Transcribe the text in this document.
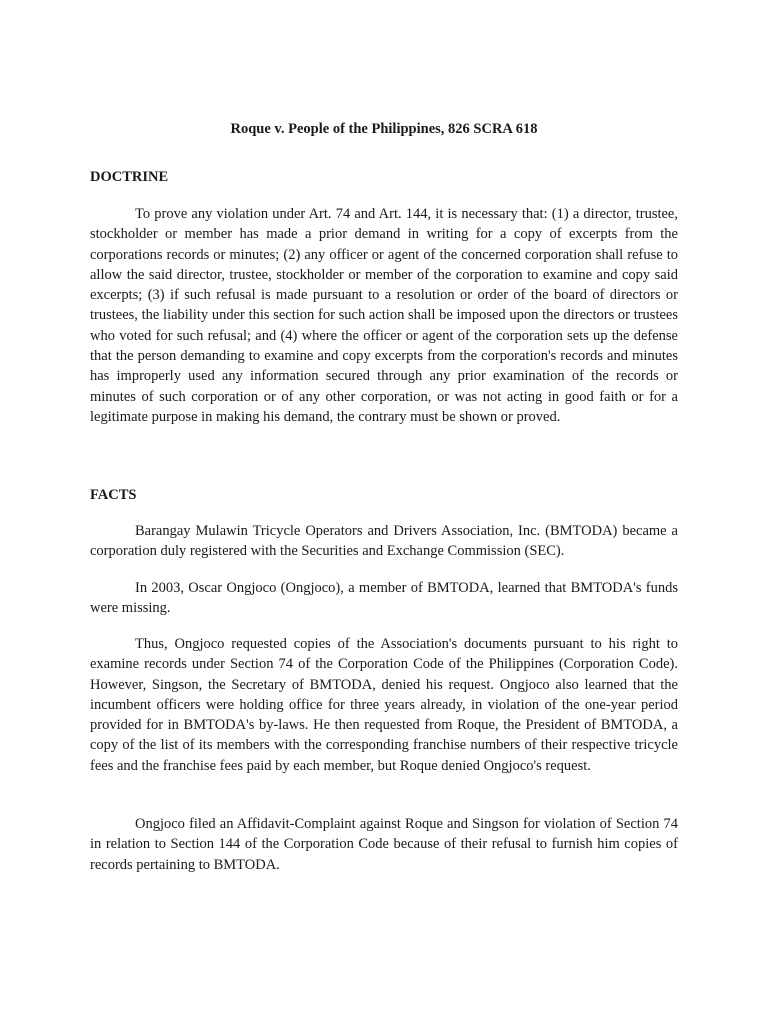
Roque v. People of the Philippines, 826 SCRA 618
DOCTRINE

To prove any violation under Art. 74 and Art. 144, it is necessary that: (1) a director, trustee, stockholder or member has made a prior demand in writing for a copy of excerpts from the corporations records or minutes; (2) any officer or agent of the concerned corporation shall refuse to allow the said director, trustee, stockholder or member of the corporation to examine and copy said excerpts; (3) if such refusal is made pursuant to a resolution or order of the board of directors or trustees, the liability under this section for such action shall be imposed upon the directors or trustees who voted for such refusal; and (4) where the officer or agent of the corporation sets up the defense that the person demanding to examine and copy excerpts from the corporation's records and minutes has improperly used any information secured through any prior examination of the records or minutes of such corporation or of any other corporation, or was not acting in good faith or for a legitimate purpose in making his demand, the contrary must be shown or proved.

FACTS

Barangay Mulawin Tricycle Operators and Drivers Association, Inc. (BMTODA) became a corporation duly registered with the Securities and Exchange Commission (SEC).

In 2003, Oscar Ongjoco (Ongjoco), a member of BMTODA, learned that BMTODA's funds were missing.

Thus, Ongjoco requested copies of the Association's documents pursuant to his right to examine records under Section 74 of the Corporation Code of the Philippines (Corporation Code). However, Singson, the Secretary of BMTODA, denied his request. Ongjoco also learned that the incumbent officers were holding office for three years already, in violation of the one-year period provided for in BMTODA's by-laws. He then requested from Roque, the President of BMTODA, a copy of the list of its members with the corresponding franchise numbers of their respective tricycle fees and the franchise fees paid by each member, but Roque denied Ongjoco's request.

Ongjoco filed an Affidavit-Complaint against Roque and Singson for violation of Section 74 in relation to Section 144 of the Corporation Code because of their refusal to furnish him copies of records pertaining to BMTODA.
